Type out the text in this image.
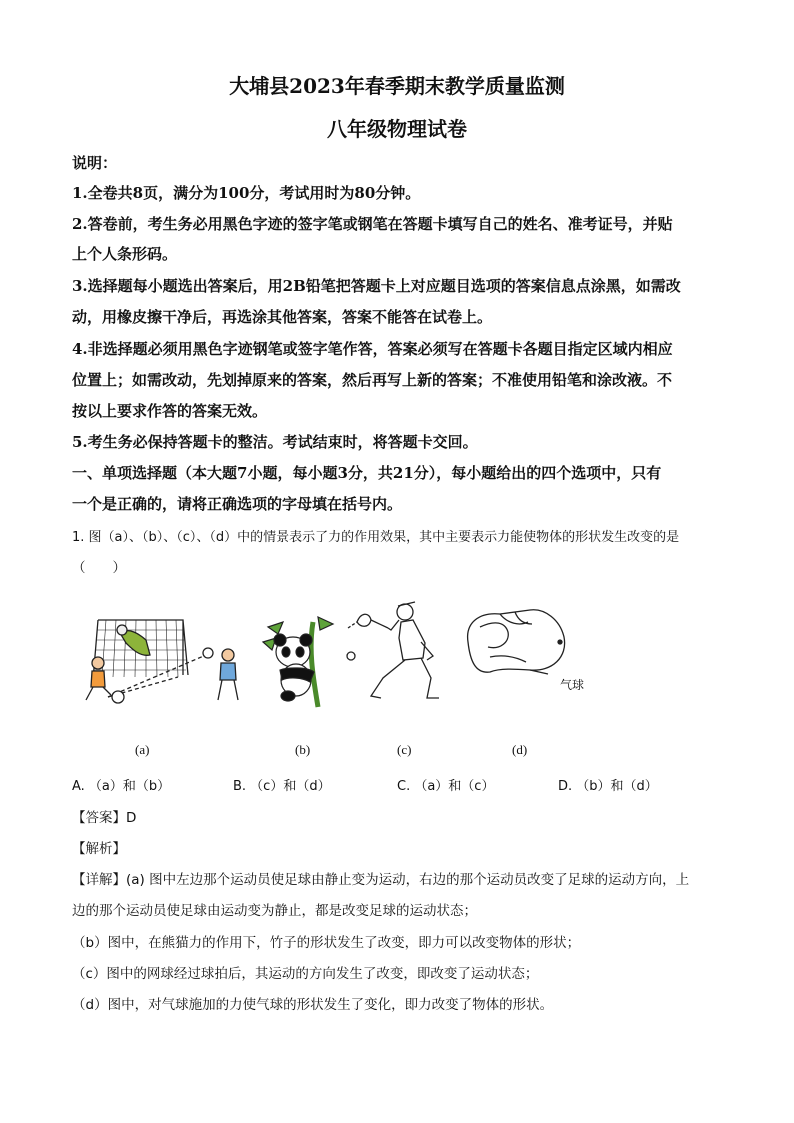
大埔县2023年春季期末教学质量监测
八年级物理试卷
说明：
1.全卷共8页，满分为100分，考试用时为80分钟。
2.答卷前，考生务必用黑色字迹的签字笔或钢笔在答题卡填写自己的姓名、准考证号，并贴
上个人条形码。
3.选择题每小题选出答案后，用2B铅笔把答题卡上对应题目选项的答案信息点涂黑，如需改
动，用橡皮擦干净后，再选涂其他答案，答案不能答在试卷上。
4.非选择题必须用黑色字迹钢笔或签字笔作答，答案必须写在答题卡各题目指定区域内相应
位置上；如需改动，先划掉原来的答案，然后再写上新的答案；不准使用铅笔和涂改液。不
按以上要求作答的答案无效。
5.考生务必保持答题卡的整洁。考试结束时，将答题卡交回。
一、单项选择题（本大题7小题，每小题3分，共21分），每小题给出的四个选项中，只有
一个是正确的，请将正确选项的字母填在括号内。
1. 图（a）、（b）、（c）、（d）中的情景表示了力的作用效果，其中主要表示力能使物体的形状发生改变的是
（　　）
气球
(a)	(b)	(c)	(d)
A. （a）和（b）	B. （c）和（d）	C. （a）和（c）	D. （b）和（d）
【答案】D
【解析】
【详解】(a) 图中左边那个运动员使足球由静止变为运动，右边的那个运动员改变了足球的运动方向，上
边的那个运动员使足球由运动变为静止，都是改变足球的运动状态；
（b）图中，在熊猫力的作用下，竹子的形状发生了改变，即力可以改变物体的形状；
（c）图中的网球经过球拍后，其运动的方向发生了改变，即改变了运动状态；
（d）图中，对气球施加的力使气球的形状发生了变化，即力改变了物体的形状。
